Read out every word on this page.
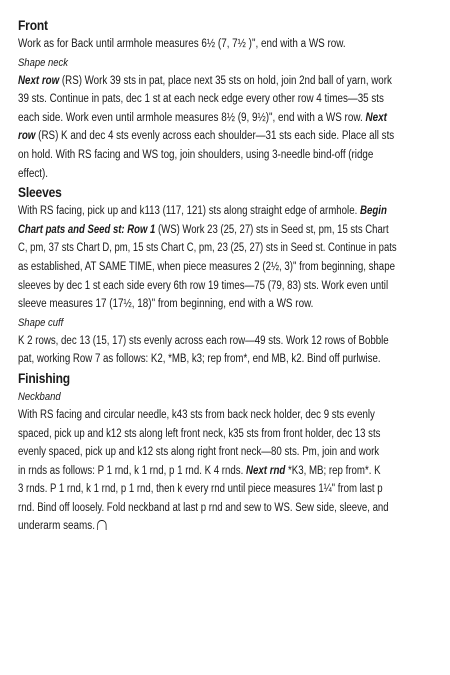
Front
Work as for Back until armhole measures 6½ (7, 7½ )", end with a WS row.
Shape neck
Next row (RS) Work 39 sts in pat, place next 35 sts on hold, join 2nd ball of yarn, work
39 sts. Continue in pats, dec 1 st at each neck edge every other row 4 times—35 sts
each side. Work even until armhole measures 8½ (9, 9½)", end with a WS row. Next
row (RS) K and dec 4 sts evenly across each shoulder—31 sts each side. Place all sts
on hold. With RS facing and WS tog, join shoulders, using 3-needle bind-off (ridge
effect).
Sleeves
With RS facing, pick up and k113 (117, 121) sts along straight edge of armhole. Begin
Chart pats and Seed st: Row 1 (WS) Work 23 (25, 27) sts in Seed st, pm, 15 sts Chart
C, pm, 37 sts Chart D, pm, 15 sts Chart C, pm, 23 (25, 27) sts in Seed st. Continue in pats
as established, AT SAME TIME, when piece measures 2 (2½, 3)" from beginning, shape
sleeves by dec 1 st each side every 6th row 19 times—75 (79, 83) sts. Work even until
sleeve measures 17 (17½, 18)" from beginning, end with a WS row.
Shape cuff
K 2 rows, dec 13 (15, 17) sts evenly across each row—49 sts. Work 12 rows of Bobble
pat, working Row 7 as follows: K2, *MB, k3; rep from*, end MB, k2. Bind off purlwise.
Finishing
Neckband
With RS facing and circular needle, k43 sts from back neck holder, dec 9 sts evenly
spaced, pick up and k12 sts along left front neck, k35 sts from front holder, dec 13 sts
evenly spaced, pick up and k12 sts along right front neck—80 sts. Pm, join and work
in rnds as follows: P 1 rnd, k 1 rnd, p 1 rnd. K 4 rnds. Next rnd *K3, MB; rep from*. K
3 rnds. P 1 rnd, k 1 rnd, p 1 rnd, then k every rnd until piece measures 1¼" from last p
rnd. Bind off loosely. Fold neckband at last p rnd and sew to WS. Sew side, sleeve, and
underarm seams.
